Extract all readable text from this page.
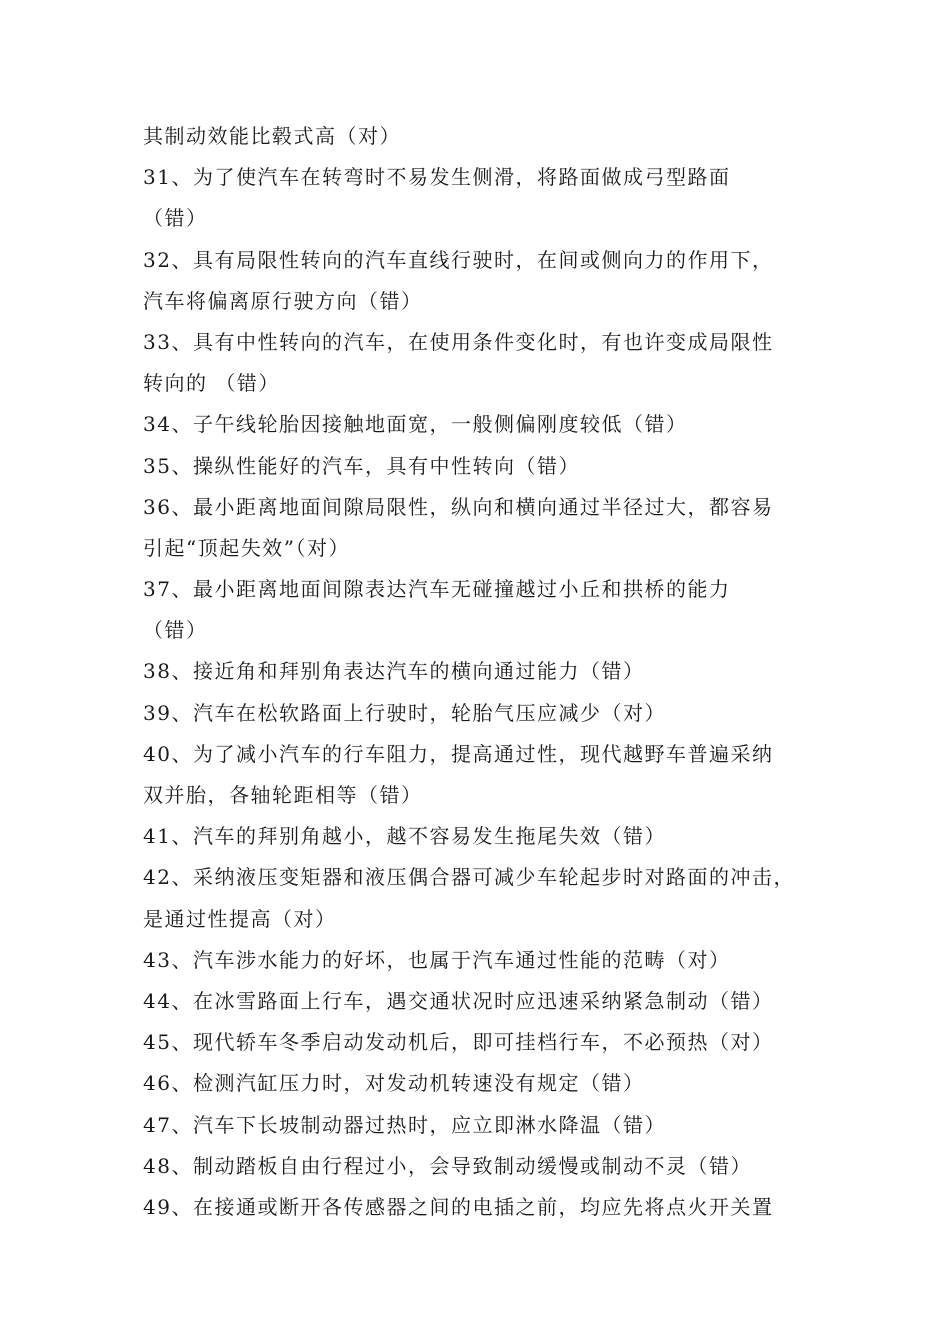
其制动效能比毂式高（对）
31、为了使汽车在转弯时不易发生侧滑，将路面做成弓型路面
（错）
32、具有局限性转向的汽车直线行驶时，在间或侧向力的作用下，
汽车将偏离原行驶方向（错）
33、具有中性转向的汽车，在使用条件变化时，有也许变成局限性
转向的 （错）
34、子午线轮胎因接触地面宽，一般侧偏刚度较低（错）
35、操纵性能好的汽车，具有中性转向（错）
36、最小距离地面间隙局限性，纵向和横向通过半径过大，都容易
引起“顶起失效”（对）
37、最小距离地面间隙表达汽车无碰撞越过小丘和拱桥的能力
（错）
38、接近角和拜别角表达汽车的横向通过能力（错）
39、汽车在松软路面上行驶时，轮胎气压应减少（对）
40、为了减小汽车的行车阻力，提高通过性，现代越野车普遍采纳
双并胎，各轴轮距相等（错）
41、汽车的拜别角越小，越不容易发生拖尾失效（错）
42、采纳液压变矩器和液压偶合器可减少车轮起步时对路面的冲击，
是通过性提高（对）
43、汽车涉水能力的好坏，也属于汽车通过性能的范畴（对）
44、在冰雪路面上行车，遇交通状况时应迅速采纳紧急制动（错）
45、现代轿车冬季启动发动机后，即可挂档行车，不必预热（对）
46、检测汽缸压力时，对发动机转速没有规定（错）
47、汽车下长坡制动器过热时，应立即淋水降温（错）
48、制动踏板自由行程过小，会导致制动缓慢或制动不灵（错）
49、在接通或断开各传感器之间的电插之前，均应先将点火开关置
